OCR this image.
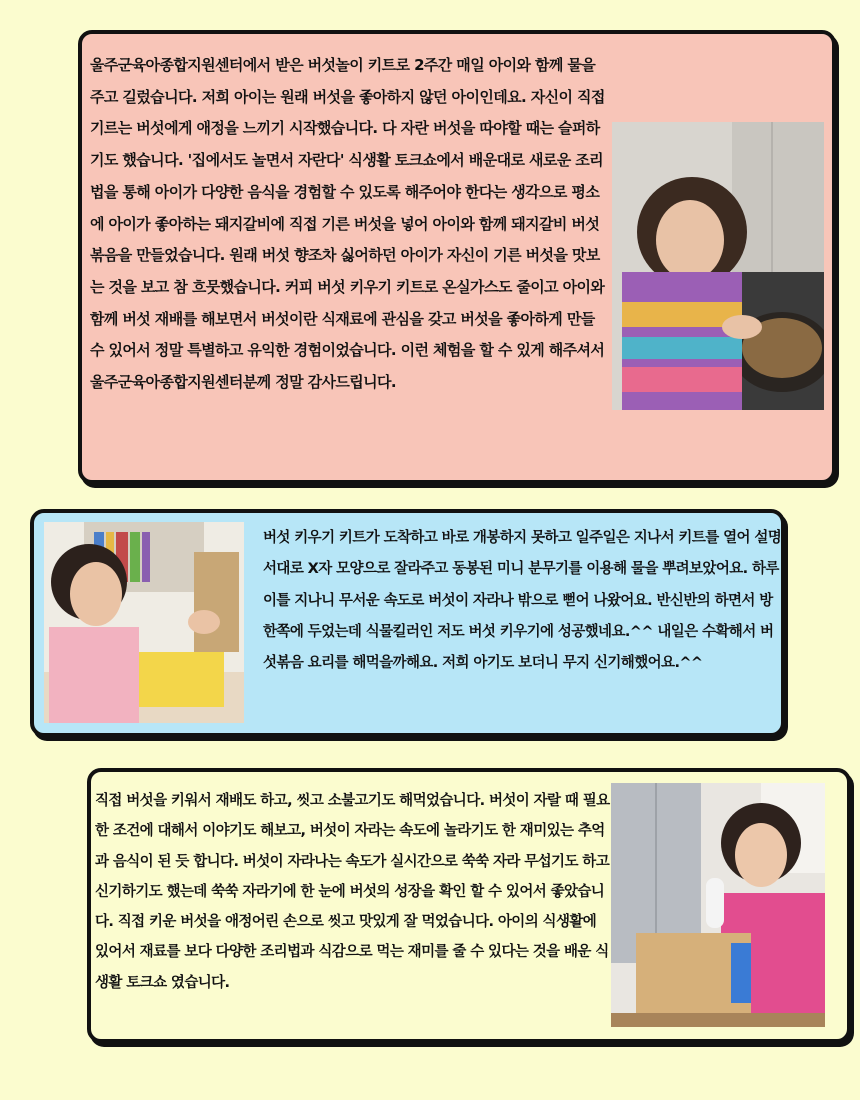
울주군육아종합지원센터에서 받은 버섯놀이 키트로 2주간 매일 아이와 함께 물을 주고 길렀습니다. 저희 아이는 원래 버섯을 좋아하지 않던 아이인데요. 자신이 직접 기르는 버섯에게 애정을 느끼기 시작했습니다. 다 자란 버섯을 따야할 때는 슬퍼하기도 했습니다. '집에서도 놀면서 자란다' 식생활 토크쇼에서 배운대로 새로운 조리법을 통해 아이가 다양한 음식을 경험할 수 있도록 해주어야 한다는 생각으로 평소에 아이가 좋아하는 돼지갈비에 직접 기른 버섯을 넣어 아이와 함께 돼지갈비 버섯 볶음을 만들었습니다. 원래 버섯 향조차 싫어하던 아이가 자신이 기른 버섯을 맛보는 것을 보고 참 흐뭇했습니다. 커피 버섯 키우기 키트로 온실가스도 줄이고 아이와 함께 버섯 재배를 해보면서 버섯이란 식재료에 관심을 갖고 버섯을 좋아하게 만들 수 있어서 정말 특별하고 유익한 경험이었습니다. 이런 체험을 할 수 있게 해주셔서 울주군육아종합지원센터분께 정말 감사드립니다.

버섯 키우기 키트가 도착하고 바로 개봉하지 못하고 일주일은 지나서 키트를 열어 설명서대로 X자 모양으로 잘라주고 동봉된 미니 분무기를 이용해 물을 뿌려보았어요. 하루 이틀 지나니 무서운 속도로 버섯이 자라나 밖으로 뻗어 나왔어요. 반신반의 하면서 방 한쪽에 두었는데 식물킬러인 저도 버섯 키우기에 성공했네요.^^ 내일은 수확해서 버섯볶음 요리를 해먹을까해요. 저희 아기도 보더니 무지 신기해했어요.^^

직접 버섯을 키워서 재배도 하고, 씻고 소불고기도 해먹었습니다. 버섯이 자랄 때 필요한 조건에 대해서 이야기도 해보고, 버섯이 자라는 속도에 놀라기도 한 재미있는 추억과 음식이 된 듯 합니다. 버섯이 자라나는 속도가 실시간으로 쑥쑥 자라 무섭기도 하고 신기하기도 했는데 쑥쑥 자라기에 한 눈에 버섯의 성장을 확인 할 수 있어서 좋았습니다. 직접 키운 버섯을 애정어린 손으로 씻고 맛있게 잘 먹었습니다. 아이의 식생활에 있어서 재료를 보다 다양한 조리법과 식감으로 먹는 재미를 줄 수 있다는 것을 배운 식생활 토크쇼 였습니다.
